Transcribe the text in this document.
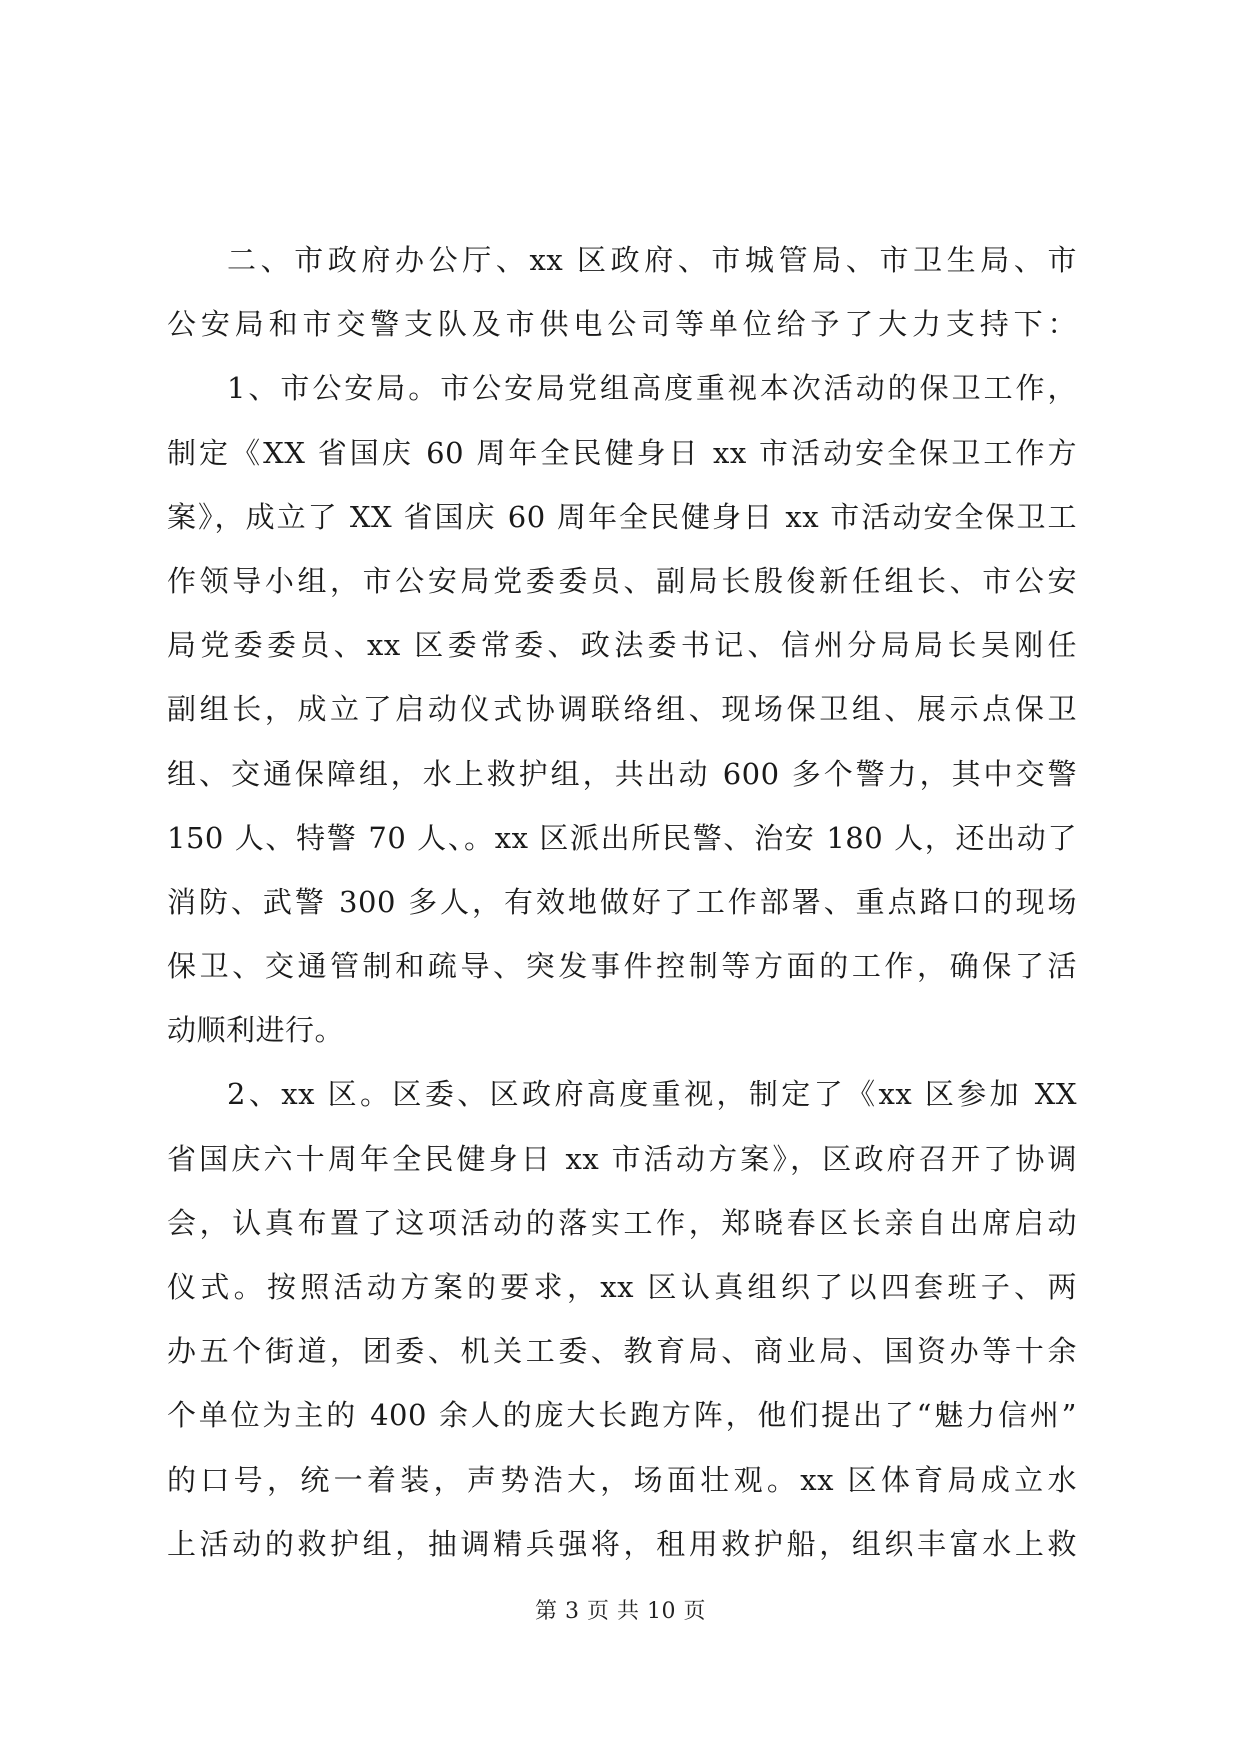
二、市政府办公厅、xx 区政府、市城管局、市卫生局、市
公安局和市交警支队及市供电公司等单位给予了大力支持下：
1、市公安局。市公安局党组高度重视本次活动的保卫工作，
制定《XX 省国庆 60 周年全民健身日 xx 市活动安全保卫工作方
案》，成立了 XX 省国庆 60 周年全民健身日 xx 市活动安全保卫工
作领导小组，市公安局党委委员、副局长殷俊新任组长、市公安
局党委委员、xx 区委常委、政法委书记、信州分局局长吴刚任
副组长，成立了启动仪式协调联络组、现场保卫组、展示点保卫
组、交通保障组，水上救护组，共出动 600 多个警力，其中交警
150 人、特警 70 人、。xx 区派出所民警、治安 180 人，还出动了
消防、武警 300 多人，有效地做好了工作部署、重点路口的现场
保卫、交通管制和疏导、突发事件控制等方面的工作，确保了活
动顺利进行。
2、xx 区。区委、区政府高度重视，制定了《xx 区参加 XX
省国庆六十周年全民健身日 xx 市活动方案》，区政府召开了协调
会，认真布置了这项活动的落实工作，郑晓春区长亲自出席启动
仪式。按照活动方案的要求，xx 区认真组织了以四套班子、两
办五个街道，团委、机关工委、教育局、商业局、国资办等十余
个单位为主的 400 余人的庞大长跑方阵，他们提出了“魅力信州”
的口号，统一着装，声势浩大，场面壮观。xx 区体育局成立水
上活动的救护组，抽调精兵强将，租用救护船，组织丰富水上救
第 3 页 共 10 页
